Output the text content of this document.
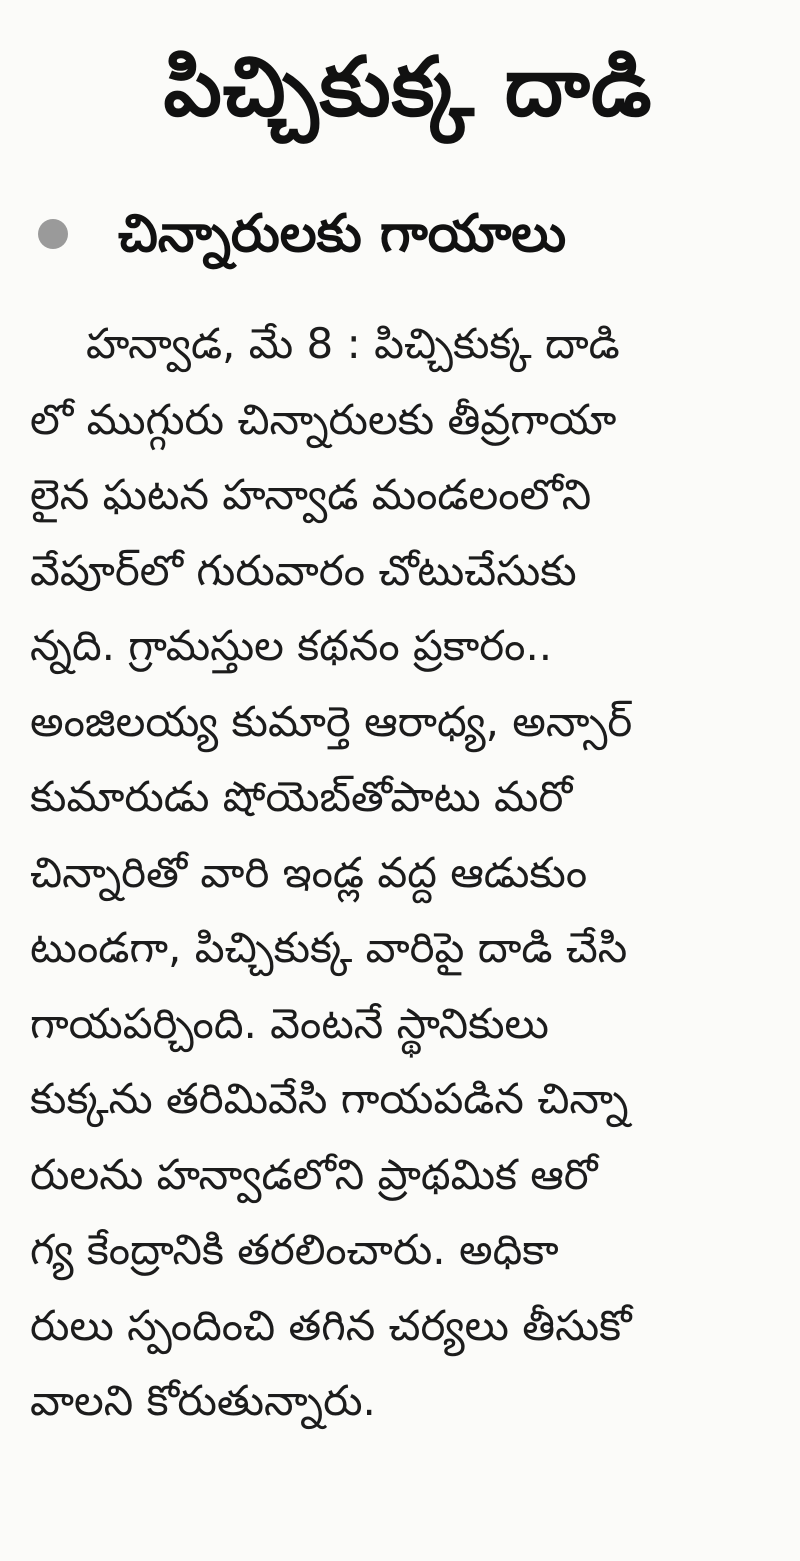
పిచ్చికుక్క దాడి
చిన్నారులకు గాయాలు
హన్వాడ, మే 8 : పిచ్చికుక్క దాడి
లో ముగ్గురు చిన్నారులకు తీవ్రగాయా
లైన ఘటన హన్వాడ మండలంలోని
వేపూర్‌లో గురువారం చోటుచేసుకు
న్నది. గ్రామస్తుల కథనం ప్రకారం..
అంజిలయ్య కుమార్తె ఆరాధ్య, అన్సార్
కుమారుడు షోయెబ్‌తోపాటు మరో
చిన్నారితో వారి ఇండ్ల వద్ద ఆడుకుం
టుండగా, పిచ్చికుక్క వారిపై దాడి చేసి
గాయపర్చింది. వెంటనే స్థానికులు
కుక్కను తరిమివేసి గాయపడిన చిన్నా
రులను హన్వాడలోని ప్రాథమిక ఆరో
గ్య కేంద్రానికి తరలించారు. అధికా
రులు స్పందించి తగిన చర్యలు తీసుకో
వాలని కోరుతున్నారు.
